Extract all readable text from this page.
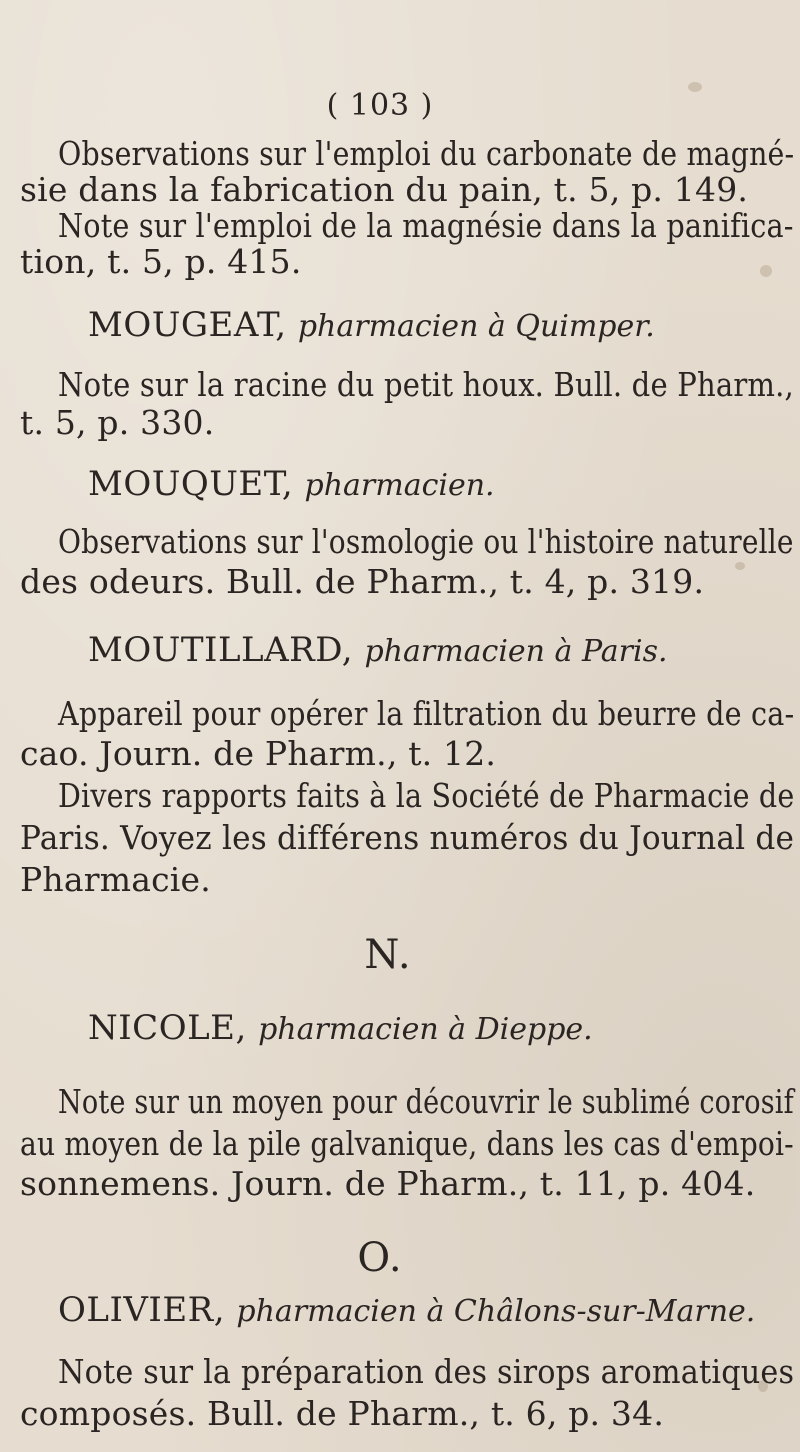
( 103 )
Observations sur l'emploi du carbonate de magné-
sie dans la fabrication du pain, t. 5, p. 149.
Note sur l'emploi de la magnésie dans la panifica-
tion, t. 5, p. 415.
MOUGEAT, pharmacien à Quimper.
Note sur la racine du petit houx. Bull. de Pharm.,
t. 5, p. 330.
MOUQUET, pharmacien.
Observations sur l'osmologie ou l'histoire naturelle
des odeurs. Bull. de Pharm., t. 4, p. 319.
MOUTILLARD, pharmacien à Paris.
Appareil pour opérer la filtration du beurre de ca-
cao. Journ. de Pharm., t. 12.
Divers rapports faits à la Société de Pharmacie de
Paris. Voyez les différens numéros du Journal de
Pharmacie.
N.
NICOLE, pharmacien à Dieppe.
Note sur un moyen pour découvrir le sublimé corosif
au moyen de la pile galvanique, dans les cas d'empoi-
sonnemens. Journ. de Pharm., t. 11, p. 404.
O.
OLIVIER, pharmacien à Châlons-sur-Marne.
Note sur la préparation des sirops aromatiques
composés. Bull. de Pharm., t. 6, p. 34.
